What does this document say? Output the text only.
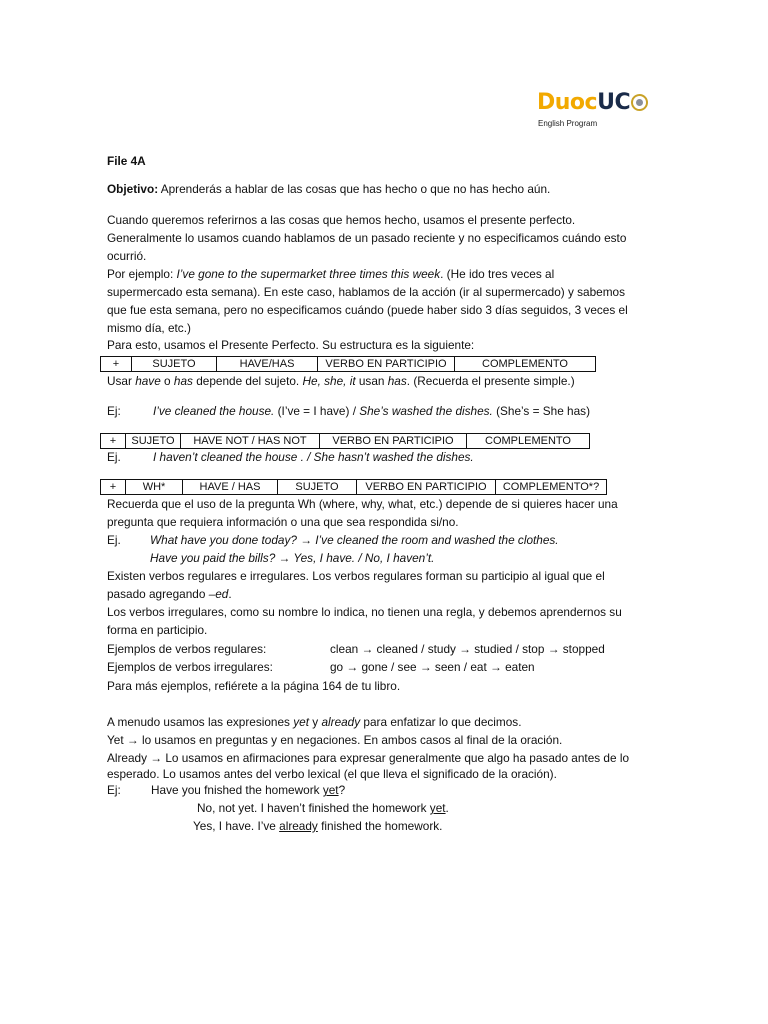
DuocUC
English Program
File 4A
Objetivo: Aprenderás a hablar de las cosas que has hecho o que no has hecho aún.
Cuando queremos referirnos a las cosas que hemos hecho, usamos el presente perfecto.
Generalmente lo usamos cuando hablamos de un pasado reciente y no especificamos cuándo esto
ocurrió.
Por ejemplo: I’ve gone to the supermarket three times this week. (He ido tres veces al
supermercado esta semana). En este caso, hablamos de la acción (ir al supermercado) y sabemos
que fue esta semana, pero no especificamos cuándo (puede haber sido 3 días seguidos, 3 veces el
mismo día, etc.)
Para esto, usamos el Presente Perfecto. Su estructura es la siguiente:
+	SUJETO	HAVE/HAS	VERBO EN PARTICIPIO	COMPLEMENTO
Usar have o has depende del sujeto. He, she, it usan has. (Recuerda el presente simple.)
Ej:	I’ve cleaned the house. (I’ve = I have) / She’s washed the dishes. (She’s = She has)
+	SUJETO	HAVE NOT / HAS NOT	VERBO EN PARTICIPIO	COMPLEMENTO
Ej.	I haven’t cleaned the house . / She hasn’t washed the dishes.
+	WH*	HAVE / HAS	SUJETO	VERBO EN PARTICIPIO	COMPLEMENTO*?
Recuerda que el uso de la pregunta Wh (where, why, what, etc.) depende de si quieres hacer una
pregunta que requiera información o una que sea respondida si/no.
Ej. What have you done today? → I’ve cleaned the room and washed the clothes.
Have you paid the bills? → Yes, I have. / No, I haven’t.
Existen verbos regulares e irregulares. Los verbos regulares forman su participio al igual que el
pasado agregando –ed.
Los verbos irregulares, como su nombre lo indica, no tienen una regla, y debemos aprendernos su
forma en participio.
Ejemplos de verbos regulares:	clean → cleaned / study → studied / stop → stopped
Ejemplos de verbos irregulares:	go → gone / see → seen / eat → eaten
Para más ejemplos, refiérete a la página 164 de tu libro.
A menudo usamos las expresiones yet y already para enfatizar lo que decimos.
Yet → lo usamos en preguntas y en negaciones. En ambos casos al final de la oración.
Already → Lo usamos en afirmaciones para expresar generalmente que algo ha pasado antes de lo
esperado. Lo usamos antes del verbo lexical (el que lleva el significado de la oración).
Ej:	Have you fnished the homework yet?
No, not yet. I haven’t finished the homework yet.
Yes, I have. I’ve already finished the homework.
